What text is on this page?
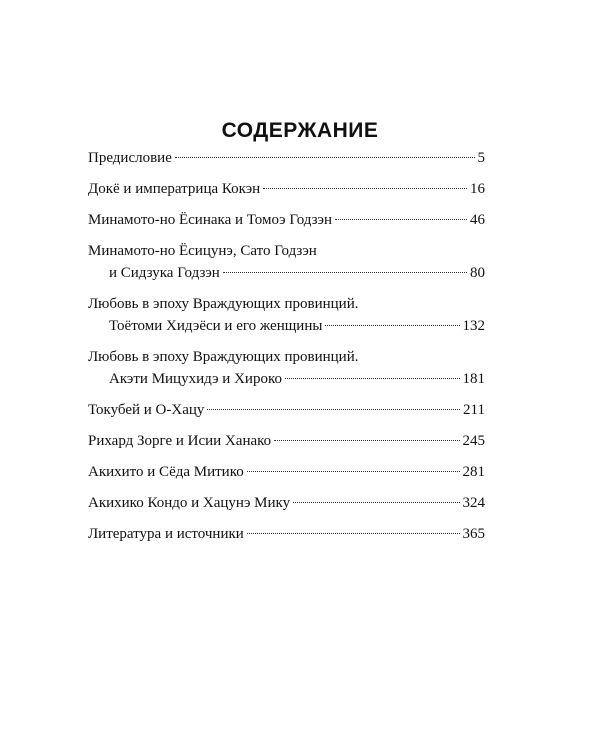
СОДЕРЖАНИЕ
Предисловие	5
Докё и императрица Кокэн	16
Минамото-но Ёсинака и Томоэ Годзэн	46
Минамото-но Ёсицунэ, Сато Годзэн
и Сидзука Годзэн	80
Любовь в эпоху Враждующих провинций.
Тоётоми Хидэёси и его женщины	132
Любовь в эпоху Враждующих провинций.
Акэти Мицухидэ и Хироко	181
Токубей и О-Хацу	211
Рихард Зорге и Исии Ханако	245
Акихито и Сёда Митико	281
Акихико Кондо и Хацунэ Мику	324
Литература и источники	365
